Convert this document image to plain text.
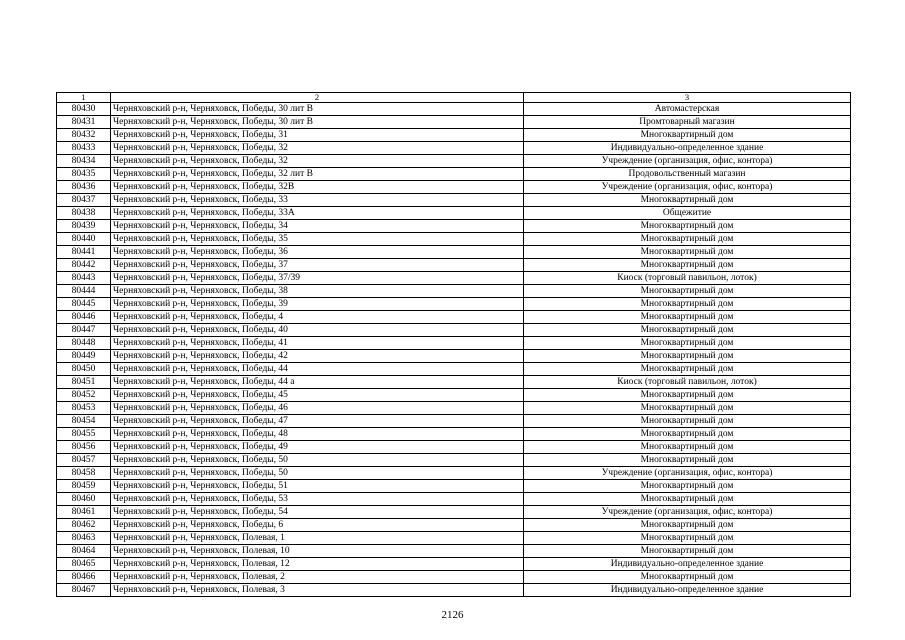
1	2	3
80430	Черняховский р-н, Черняховск, Победы, 30 лит В	Автомастерская
80431	Черняховский р-н, Черняховск, Победы, 30 лит В	Промтоварный магазин
80432	Черняховский р-н, Черняховск, Победы, 31	Многоквартирный дом
80433	Черняховский р-н, Черняховск, Победы, 32	Индивидуально-определенное здание
80434	Черняховский р-н, Черняховск, Победы, 32	Учреждение (организация, офис, контора)
80435	Черняховский р-н, Черняховск, Победы, 32 лит В	Продовольственный магазин
80436	Черняховский р-н, Черняховск, Победы, 32В	Учреждение (организация, офис, контора)
80437	Черняховский р-н, Черняховск, Победы, 33	Многоквартирный дом
80438	Черняховский р-н, Черняховск, Победы, 33А	Общежитие
80439	Черняховский р-н, Черняховск, Победы, 34	Многоквартирный дом
80440	Черняховский р-н, Черняховск, Победы, 35	Многоквартирный дом
80441	Черняховский р-н, Черняховск, Победы, 36	Многоквартирный дом
80442	Черняховский р-н, Черняховск, Победы, 37	Многоквартирный дом
80443	Черняховский р-н, Черняховск, Победы, 37/39	Киоск (торговый павильон, лоток)
80444	Черняховский р-н, Черняховск, Победы, 38	Многоквартирный дом
80445	Черняховский р-н, Черняховск, Победы, 39	Многоквартирный дом
80446	Черняховский р-н, Черняховск, Победы, 4	Многоквартирный дом
80447	Черняховский р-н, Черняховск, Победы, 40	Многоквартирный дом
80448	Черняховский р-н, Черняховск, Победы, 41	Многоквартирный дом
80449	Черняховский р-н, Черняховск, Победы, 42	Многоквартирный дом
80450	Черняховский р-н, Черняховск, Победы, 44	Многоквартирный дом
80451	Черняховский р-н, Черняховск, Победы, 44 а	Киоск (торговый павильон, лоток)
80452	Черняховский р-н, Черняховск, Победы, 45	Многоквартирный дом
80453	Черняховский р-н, Черняховск, Победы, 46	Многоквартирный дом
80454	Черняховский р-н, Черняховск, Победы, 47	Многоквартирный дом
80455	Черняховский р-н, Черняховск, Победы, 48	Многоквартирный дом
80456	Черняховский р-н, Черняховск, Победы, 49	Многоквартирный дом
80457	Черняховский р-н, Черняховск, Победы, 50	Многоквартирный дом
80458	Черняховский р-н, Черняховск, Победы, 50	Учреждение (организация, офис, контора)
80459	Черняховский р-н, Черняховск, Победы, 51	Многоквартирный дом
80460	Черняховский р-н, Черняховск, Победы, 53	Многоквартирный дом
80461	Черняховский р-н, Черняховск, Победы, 54	Учреждение (организация, офис, контора)
80462	Черняховский р-н, Черняховск, Победы, 6	Многоквартирный дом
80463	Черняховский р-н, Черняховск, Полевая, 1	Многоквартирный дом
80464	Черняховский р-н, Черняховск, Полевая, 10	Многоквартирный дом
80465	Черняховский р-н, Черняховск, Полевая, 12	Индивидуально-определенное здание
80466	Черняховский р-н, Черняховск, Полевая, 2	Многоквартирный дом
80467	Черняховский р-н, Черняховск, Полевая, 3	Индивидуально-определенное здание
2126
